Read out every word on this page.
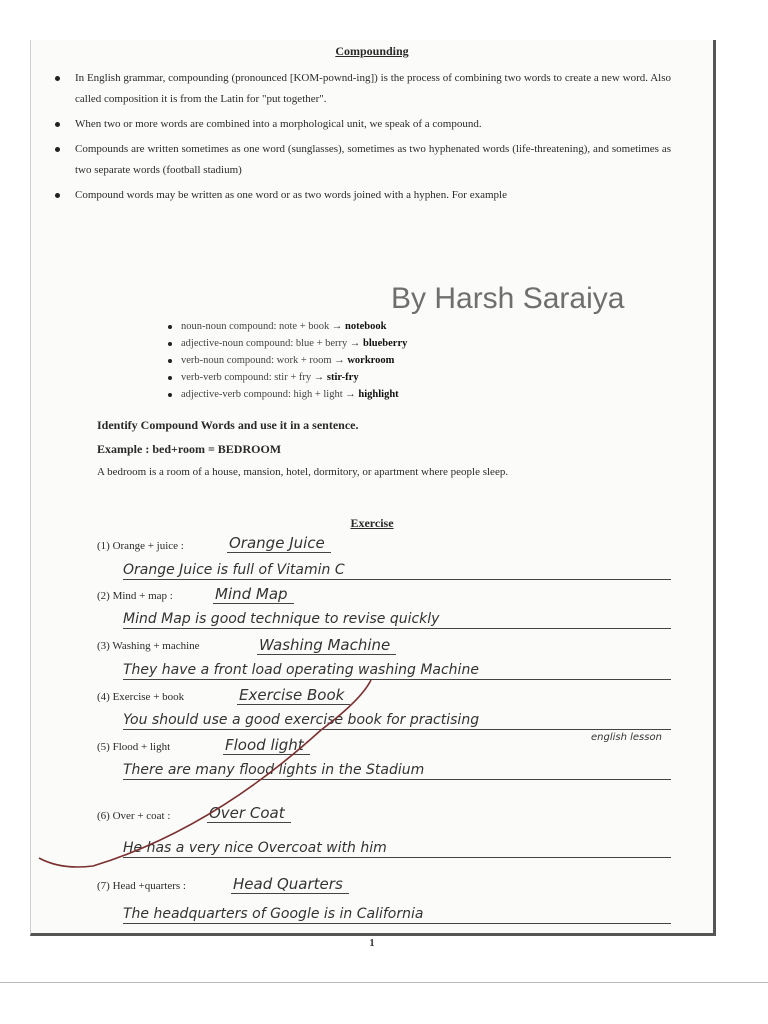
Compounding
In English grammar, compounding (pronounced [KOM-pownd-ing]) is the process of combining two words to create a new word. Also called composition it is from the Latin for "put together".
When two or more words are combined into a morphological unit, we speak of a compound.
Compounds are written sometimes as one word (sunglasses), sometimes as two hyphenated words (life-threatening), and sometimes as two separate words (football stadium)
Compound words may be written as one word or as two words joined with a hyphen. For example
noun-noun compound: note + book → notebook
adjective-noun compound: blue + berry → blueberry
verb-noun compound: work + room → workroom
verb-verb compound: stir + fry → stir-fry
adjective-verb compound: high + light → highlight
By Harsh Saraiya
Identify Compound Words and use it in a sentence.
Example : bed+room = BEDROOM
A bedroom is a room of a house, mansion, hotel, dormitory, or apartment where people sleep.
Exercise
(1) Orange + juice :	Orange Juice
Orange Juice is full of Vitamin C
(2) Mind + map :	Mind Map
Mind Map is good technique to revise quickly
(3) Washing + machine	Washing Machine
They have a front load operating washing Machine
(4) Exercise + book	Exercise Book
You should use a good exercise book for practising
english lesson
(5) Flood + light	Flood light
There are many flood lights in the Stadium
(6) Over + coat :	Over Coat
He has a very nice Overcoat with him
(7) Head +quarters :	Head Quarters
The headquarters of Google is in California
1
